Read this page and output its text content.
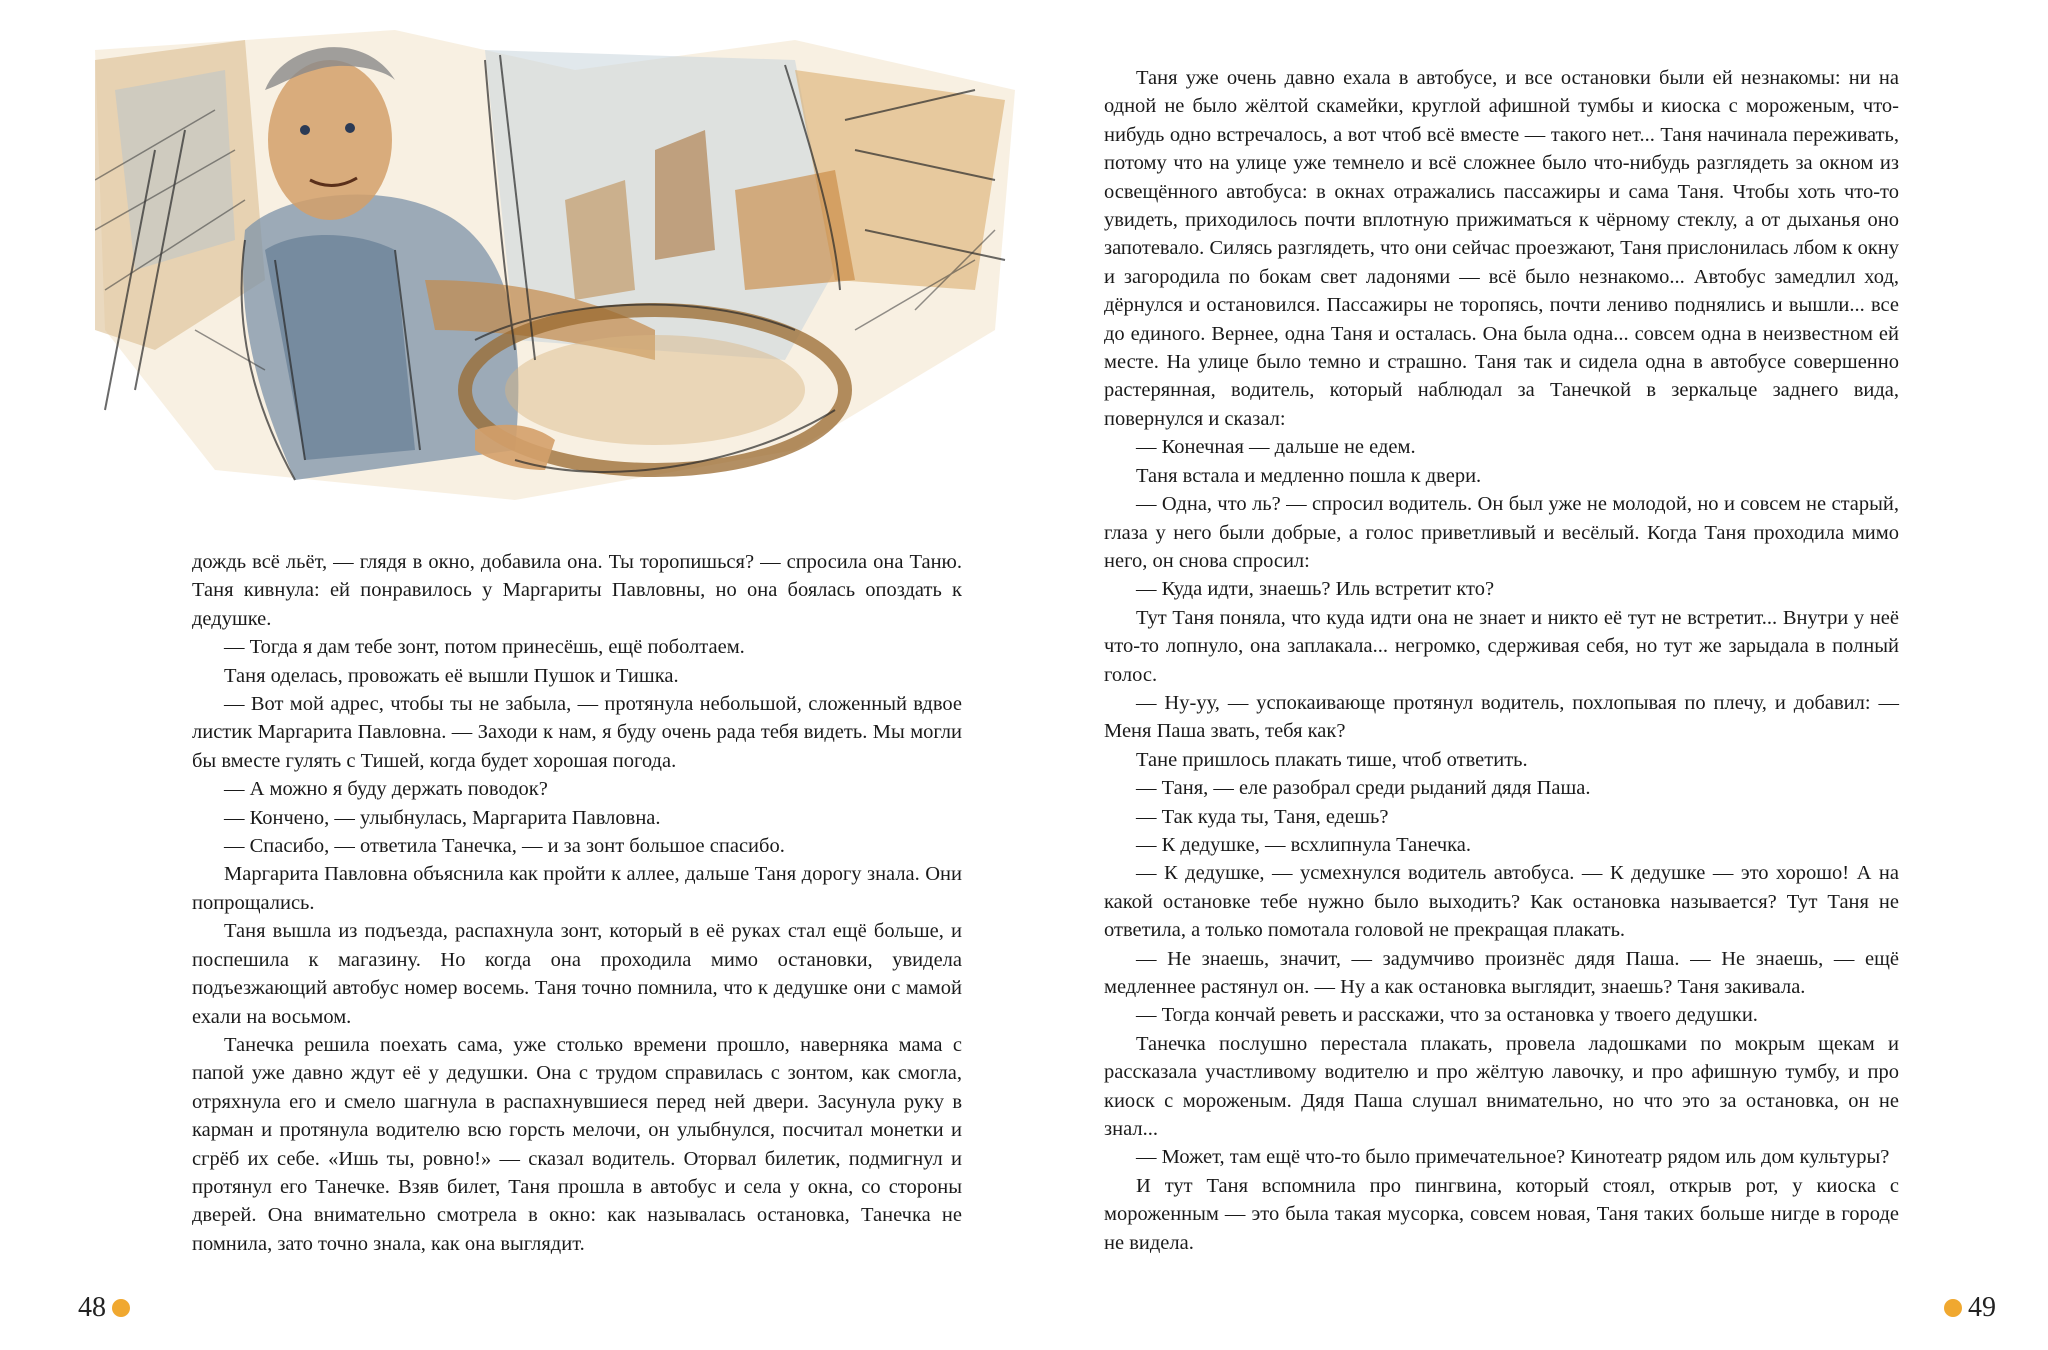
дождь всё льёт, — глядя в окно, добавила она. Ты торопишься? — спросила она Таню. Таня кивнула: ей понравилось у Маргариты Павловны, но она боялась опоздать к дедушке.

— Тогда я дам тебе зонт, потом принесёшь, ещё поболтаем.

Таня оделась, провожать её вышли Пушок и Тишка.

— Вот мой адрес, чтобы ты не забыла, — протянула небольшой, сложенный вдвое листик Маргарита Павловна. — Заходи к нам, я буду очень рада тебя видеть. Мы могли бы вместе гулять с Тишей, когда будет хорошая погода.

— А можно я буду держать поводок?

— Кончено, — улыбнулась, Маргарита Павловна.

— Спасибо, — ответила Танечка, — и за зонт большое спасибо.

Маргарита Павловна объяснила как пройти к аллее, дальше Таня дорогу знала. Они попрощались.

Таня вышла из подъезда, распахнула зонт, который в её руках стал ещё больше, и поспешила к магазину. Но когда она проходила мимо остановки, увидела подъезжающий автобус номер восемь. Таня точно помнила, что к дедушке они с мамой ехали на восьмом.

Танечка решила поехать сама, уже столько времени прошло, наверняка мама с папой уже давно ждут её у дедушки. Она с трудом справилась с зонтом, как смогла, отряхнула его и смело шагнула в распахнувшиеся перед ней двери. Засунула руку в карман и протянула водителю всю горсть мелочи, он улыбнулся, посчитал монетки и сгрёб их себе. «Ишь ты, ровно!» — сказал водитель. Оторвал билетик, подмигнул и протянул его Танечке. Взяв билет, Таня прошла в автобус и села у окна, со стороны дверей. Она внимательно смотрела в окно: как называлась остановка, Танечка не помнила, зато точно знала, как она выглядит.

48

Таня уже очень давно ехала в автобусе, и все остановки были ей незнакомы: ни на одной не было жёлтой скамейки, круглой афишной тумбы и киоска с мороженым, что-нибудь одно встречалось, а вот чтоб всё вместе — такого нет... Таня начинала переживать, потому что на улице уже темнело и всё сложнее было что-нибудь разглядеть за окном из освещённого автобуса: в окнах отражались пассажиры и сама Таня. Чтобы хоть что-то увидеть, приходилось почти вплотную прижиматься к чёрному стеклу, а от дыханья оно запотевало. Силясь разглядеть, что они сейчас проезжают, Таня прислонилась лбом к окну и загородила по бокам свет ладонями — всё было незнакомо... Автобус замедлил ход, дёрнулся и остановился. Пассажиры не торопясь, почти лениво поднялись и вышли... все до единого. Вернее, одна Таня и осталась. Она была одна... совсем одна в неизвестном ей месте. На улице было темно и страшно. Таня так и сидела одна в автобусе совершенно растерянная, водитель, который наблюдал за Танечкой в зеркальце заднего вида, повернулся и сказал:

— Конечная — дальше не едем.

Таня встала и медленно пошла к двери.

— Одна, что ль? — спросил водитель. Он был уже не молодой, но и совсем не старый, глаза у него были добрые, а голос приветливый и весёлый. Когда Таня проходила мимо него, он снова спросил:

— Куда идти, знаешь? Иль встретит кто?

Тут Таня поняла, что куда идти она не знает и никто её тут не встретит... Внутри у неё что-то лопнуло, она заплакала... негромко, сдерживая себя, но тут же зарыдала в полный голос.

— Ну-уу, — успокаивающе протянул водитель, похлопывая по плечу, и добавил: — Меня Паша звать, тебя как?

Тане пришлось плакать тише, чтоб ответить.

— Таня, — еле разобрал среди рыданий дядя Паша.

— Так куда ты, Таня, едешь?

— К дедушке, — всхлипнула Танечка.

— К дедушке, — усмехнулся водитель автобуса. — К дедушке — это хорошо! А на какой остановке тебе нужно было выходить? Как остановка называется? Тут Таня не ответила, а только помотала головой не прекращая плакать.

— Не знаешь, значит, — задумчиво произнёс дядя Паша. — Не знаешь, — ещё медленнее растянул он. — Ну а как остановка выглядит, знаешь? Таня закивала.

— Тогда кончай реветь и расскажи, что за остановка у твоего дедушки.

Танечка послушно перестала плакать, провела ладошками по мокрым щекам и рассказала участливому водителю и про жёлтую лавочку, и про афишную тумбу, и про киоск с мороженым. Дядя Паша слушал внимательно, но что это за остановка, он не знал...

— Может, там ещё что-то было примечательное? Кинотеатр рядом иль дом культуры?

И тут Таня вспомнила про пингвина, который стоял, открыв рот, у киоска с мороженным — это была такая мусорка, совсем новая, Таня таких больше нигде в городе не видела.

49
